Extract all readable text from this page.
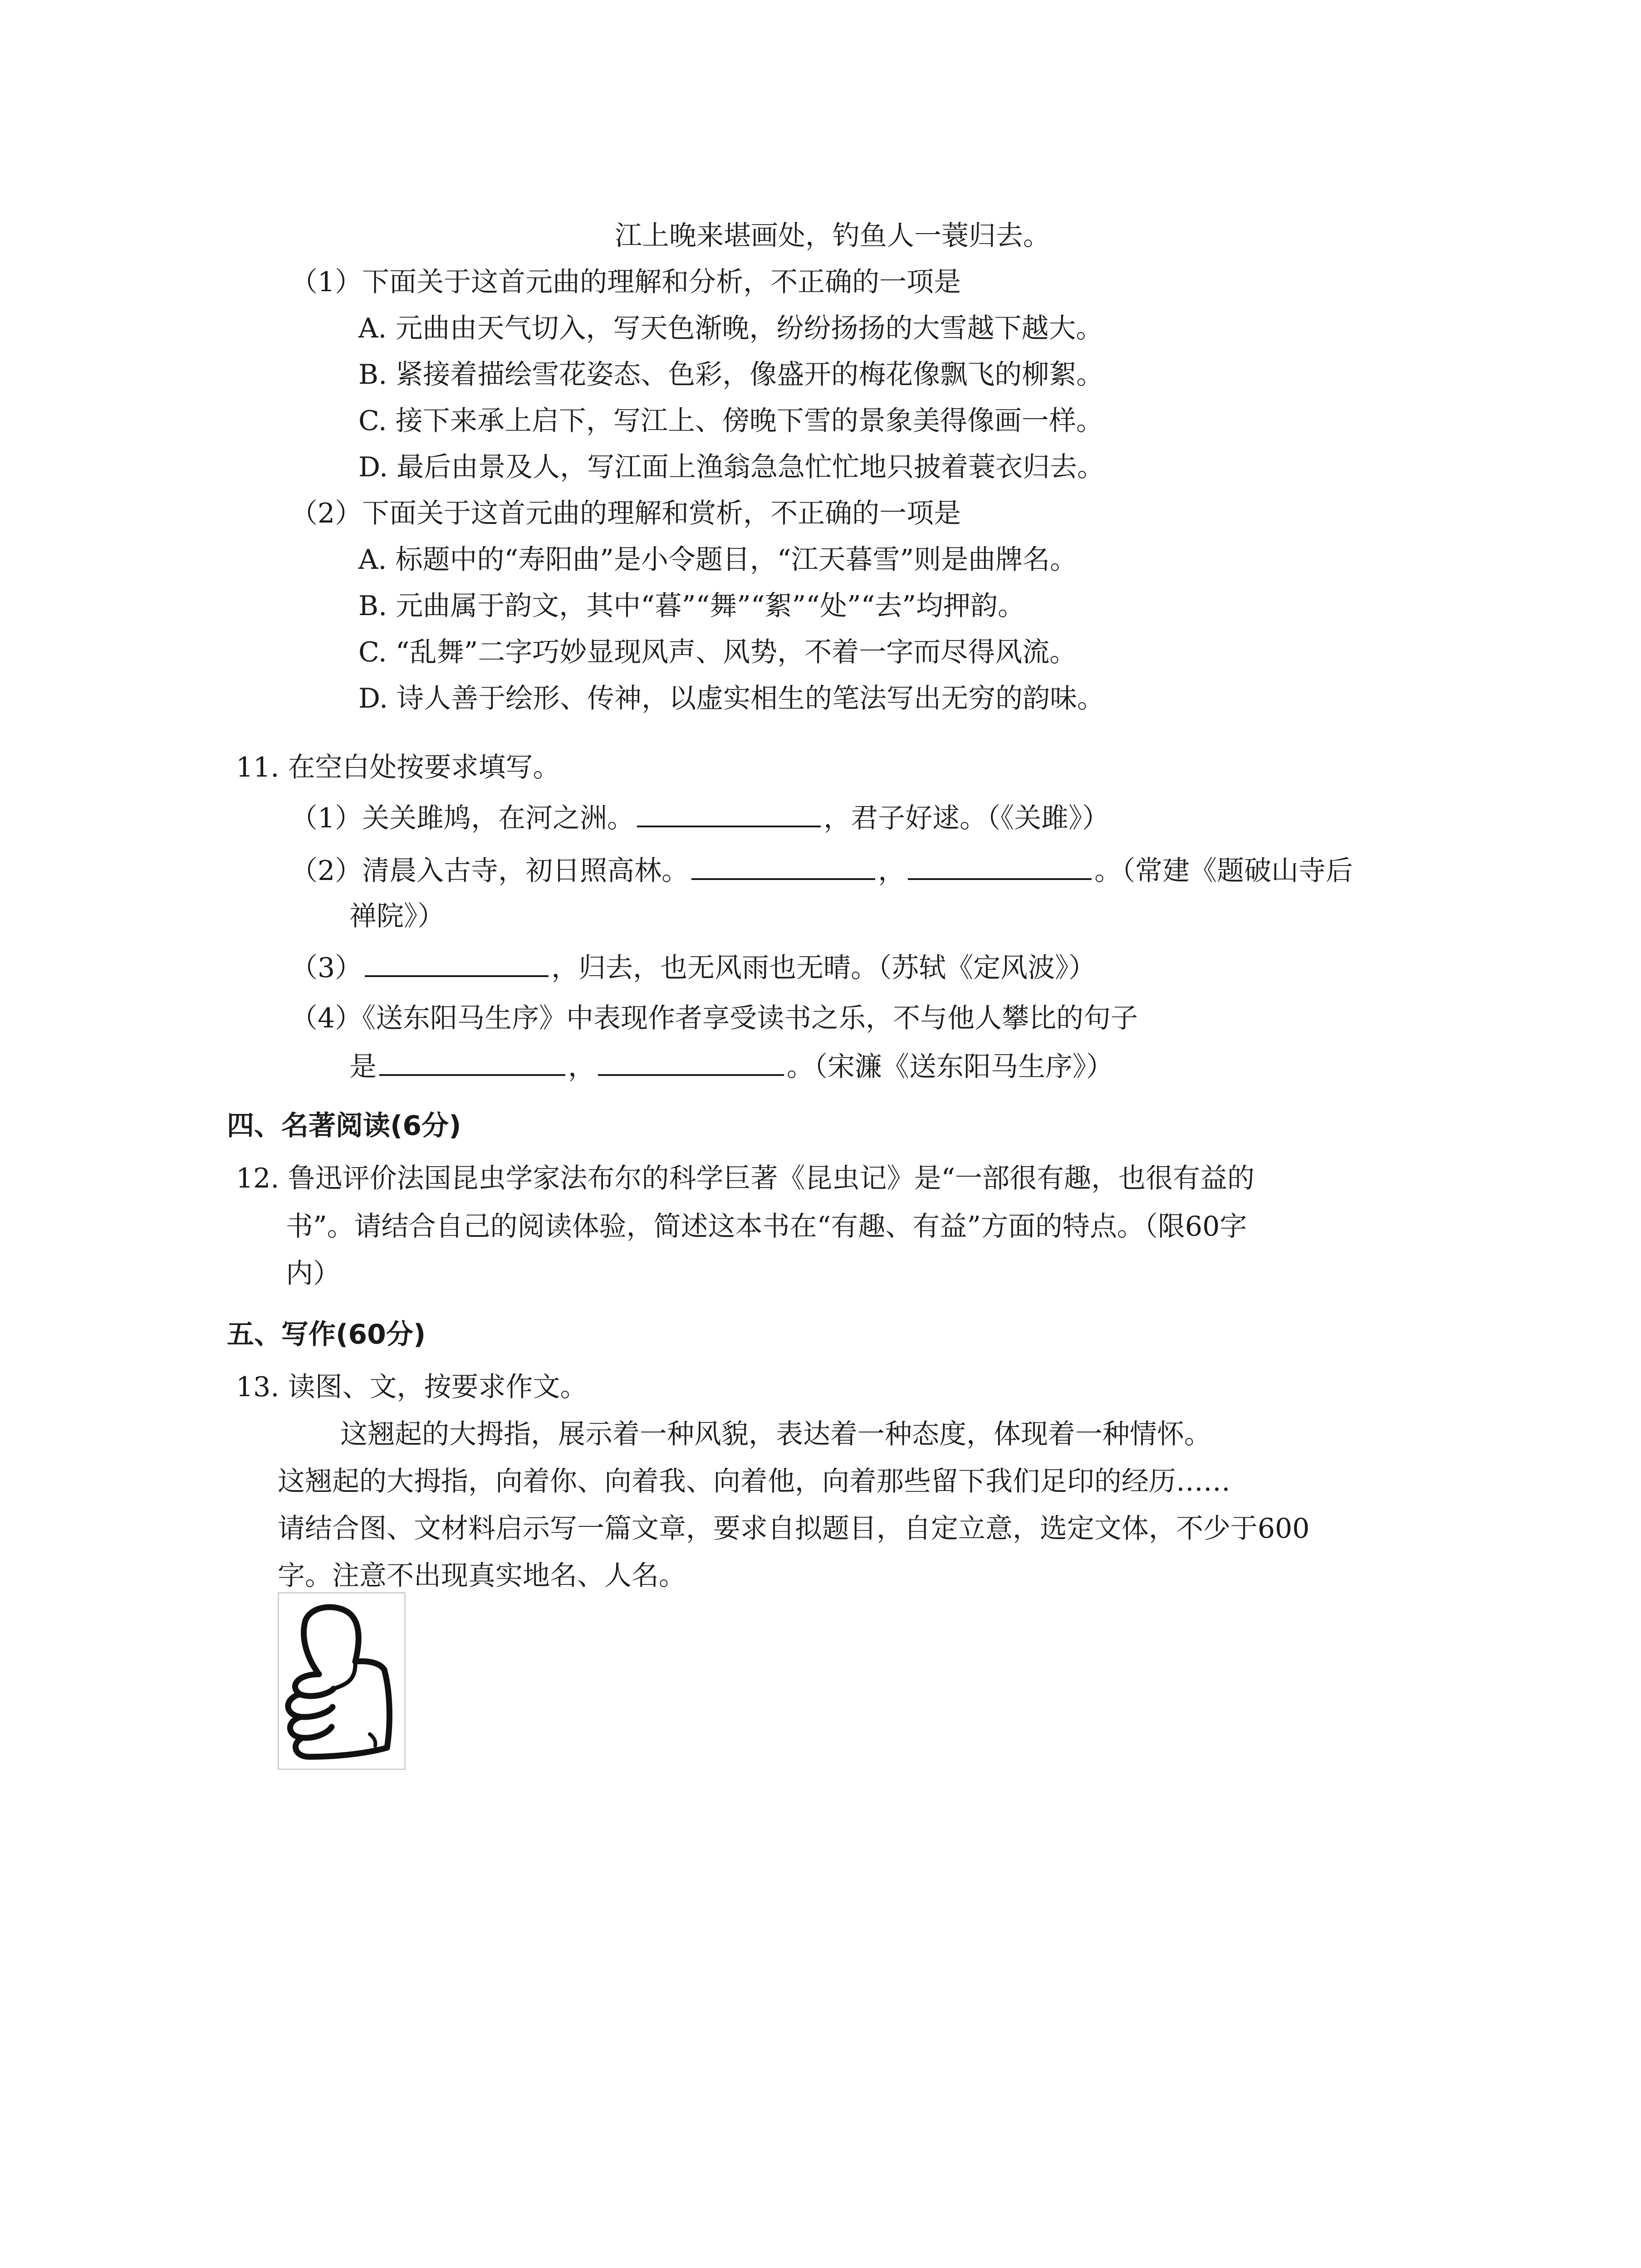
江上晚来堪画处，钓鱼人一蓑归去。
（1）下面关于这首元曲的理解和分析，不正确的一项是
A. 元曲由天气切入，写天色渐晚，纷纷扬扬的大雪越下越大。
B. 紧接着描绘雪花姿态、色彩，像盛开的梅花像飘飞的柳絮。
C. 接下来承上启下，写江上、傍晚下雪的景象美得像画一样。
D. 最后由景及人，写江面上渔翁急急忙忙地只披着蓑衣归去。
（2）下面关于这首元曲的理解和赏析，不正确的一项是
A. 标题中的“寿阳曲”是小令题目，“江天暮雪”则是曲牌名。
B. 元曲属于韵文，其中“暮”“舞”“絮”“处”“去”均押韵。
C. “乱舞”二字巧妙显现风声、风势，不着一字而尽得风流。
D. 诗人善于绘形、传神，以虚实相生的笔法写出无穷的韵味。
11. 在空白处按要求填写。
（1）关关雎鸠，在河之洲。	，君子好逑。（《关雎》）
（2）清晨入古寺，初日照高林。	，	。（常建《题破山寺后
禅院》）
（3）	，归去，也无风雨也无晴。（苏轼《定风波》）
（4）《送东阳马生序》中表现作者享受读书之乐，不与他人攀比的句子
是	，	。（宋濂《送东阳马生序》）
四、名著阅读(6分)
12. 鲁迅评价法国昆虫学家法布尔的科学巨著《昆虫记》是“一部很有趣，也很有益的
书”。请结合自己的阅读体验，简述这本书在“有趣、有益”方面的特点。（限60字
内）
五、写作(60分)
13. 读图、文，按要求作文。
这翘起的大拇指，展示着一种风貌，表达着一种态度，体现着一种情怀。
这翘起的大拇指，向着你、向着我、向着他，向着那些留下我们足印的经历……
请结合图、文材料启示写一篇文章，要求自拟题目，自定立意，选定文体，不少于600
字。注意不出现真实地名、人名。
